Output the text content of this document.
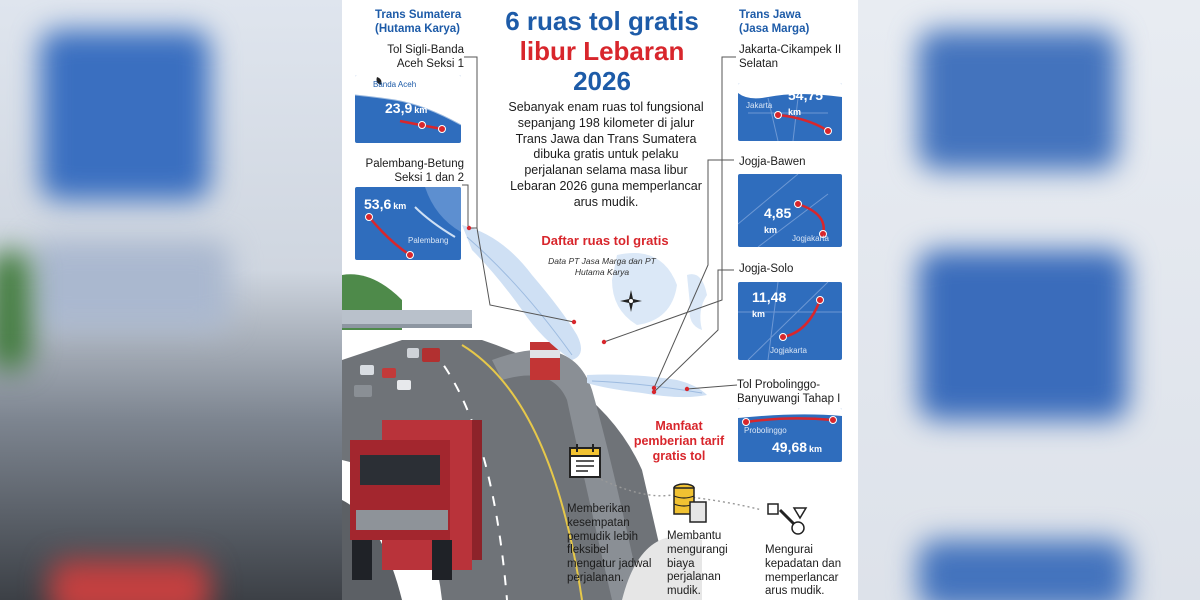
6 ruas tol gratis
libur Lebaran
2026
Trans Sumatera
(Hutama Karya)
Trans Jawa
(Jasa Marga)
Sebanyak enam ruas tol fungsional sepanjang 198 kilometer di jalur Trans Jawa dan Trans Sumatera dibuka gratis untuk pelaku perjalanan selama masa libur Lebaran 2026 guna memperlancar arus mudik.
Daftar ruas tol gratis
Data PT Jasa Marga dan PT Hutama Karya
Tol Sigli-Banda Aceh Seksi 1
Banda Aceh
23,9 km
Palembang-Betung Seksi 1 dan 2
Palembang
53,6 km
Jakarta-Cikampek II Selatan
Jakarta
54,75
km
Jogja-Bawen
Jogjakarta
4,85
km
Jogja-Solo
Jogjakarta
11,48
km
Tol Probolinggo-Banyuwangi Tahap I
Probolinggo
49,68 km
Manfaat pemberian tarif gratis tol
Memberikan kesempatan pemudik lebih fleksibel mengatur jadwal perjalanan.
Membantu mengurangi biaya perjalanan mudik.
Mengurai kepadatan dan memperlancar arus mudik.
